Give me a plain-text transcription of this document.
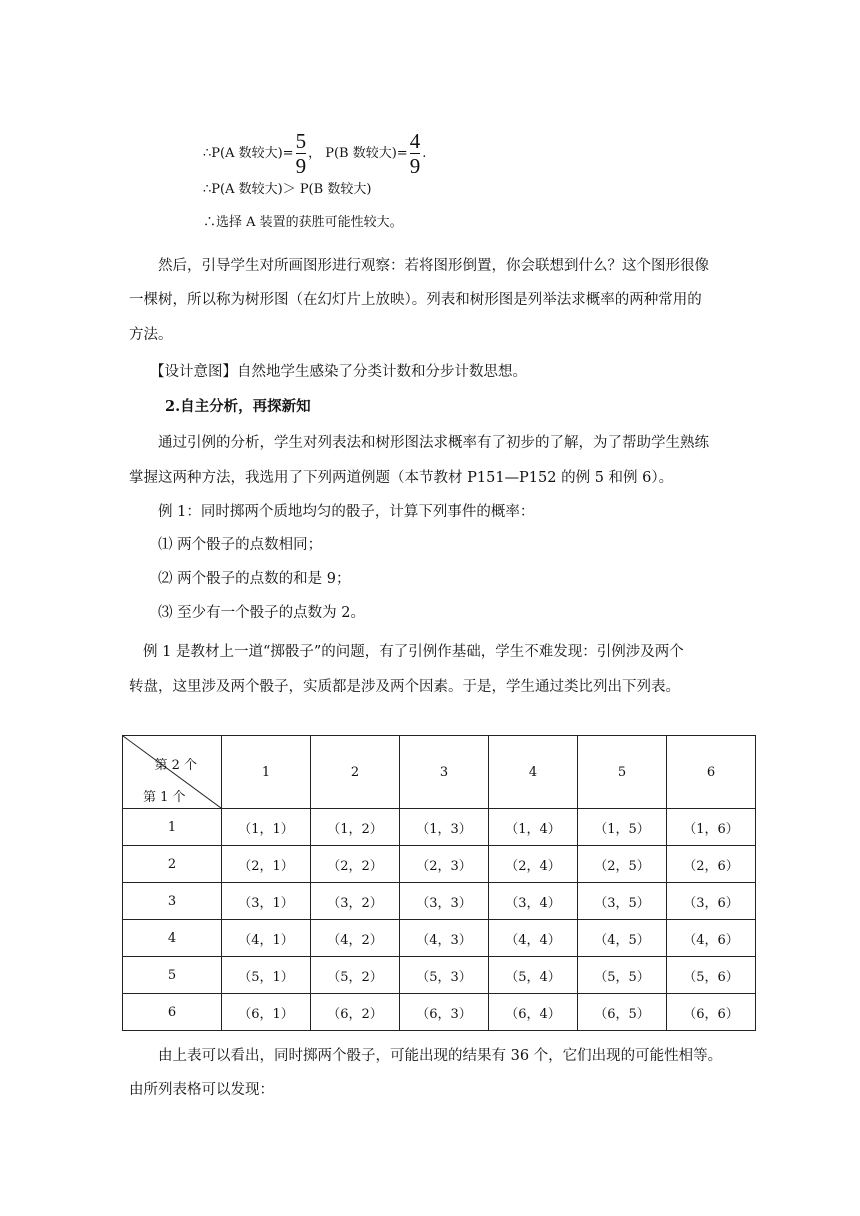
∴P(A 数较大)= $\frac{5}{9}$ ， P(B 数较大)= $\frac{4}{9}$ .
∴P(A 数较大)＞ P(B 数较大)
∴选择 A 装置的获胜可能性较大。
然后，引导学生对所画图形进行观察：若将图形倒置，你会联想到什么？这个图形很像
一棵树，所以称为树形图（在幻灯片上放映）。列表和树形图是列举法求概率的两种常用的
方法。
【设计意图】自然地学生感染了分类计数和分步计数思想。
2.自主分析，再探新知
通过引例的分析，学生对列表法和树形图法求概率有了初步的了解，为了帮助学生熟练
掌握这两种方法，我选用了下列两道例题（本节教材 P151—P152 的例 5 和例 6）。
例 1：同时掷两个质地均匀的骰子，计算下列事件的概率：
⑴ 两个骰子的点数相同；
⑵ 两个骰子的点数的和是 9；
⑶ 至少有一个骰子的点数为 2。
例 1 是教材上一道“掷骰子”的问题，有了引例作基础，学生不难发现：引例涉及两个
转盘，这里涉及两个骰子，实质都是涉及两个因素。于是，学生通过类比列出下列表。
第 2 个
第 1 个	1	2	3	4	5	6
1	（1，1）	（1，2）	（1，3）	（1，4）	（1，5）	（1，6）
2	（2，1）	（2，2）	（2，3）	（2，4）	（2，5）	（2，6）
3	（3，1）	（3，2）	（3，3）	（3，4）	（3，5）	（3，6）
4	（4，1）	（4，2）	（4，3）	（4，4）	（4，5）	（4，6）
5	（5，1）	（5，2）	（5，3）	（5，4）	（5，5）	（5，6）
6	（6，1）	（6，2）	（6，3）	（6，4）	（6，5）	（6，6）
由上表可以看出，同时掷两个骰子，可能出现的结果有 36 个，它们出现的可能性相等。
由所列表格可以发现：
